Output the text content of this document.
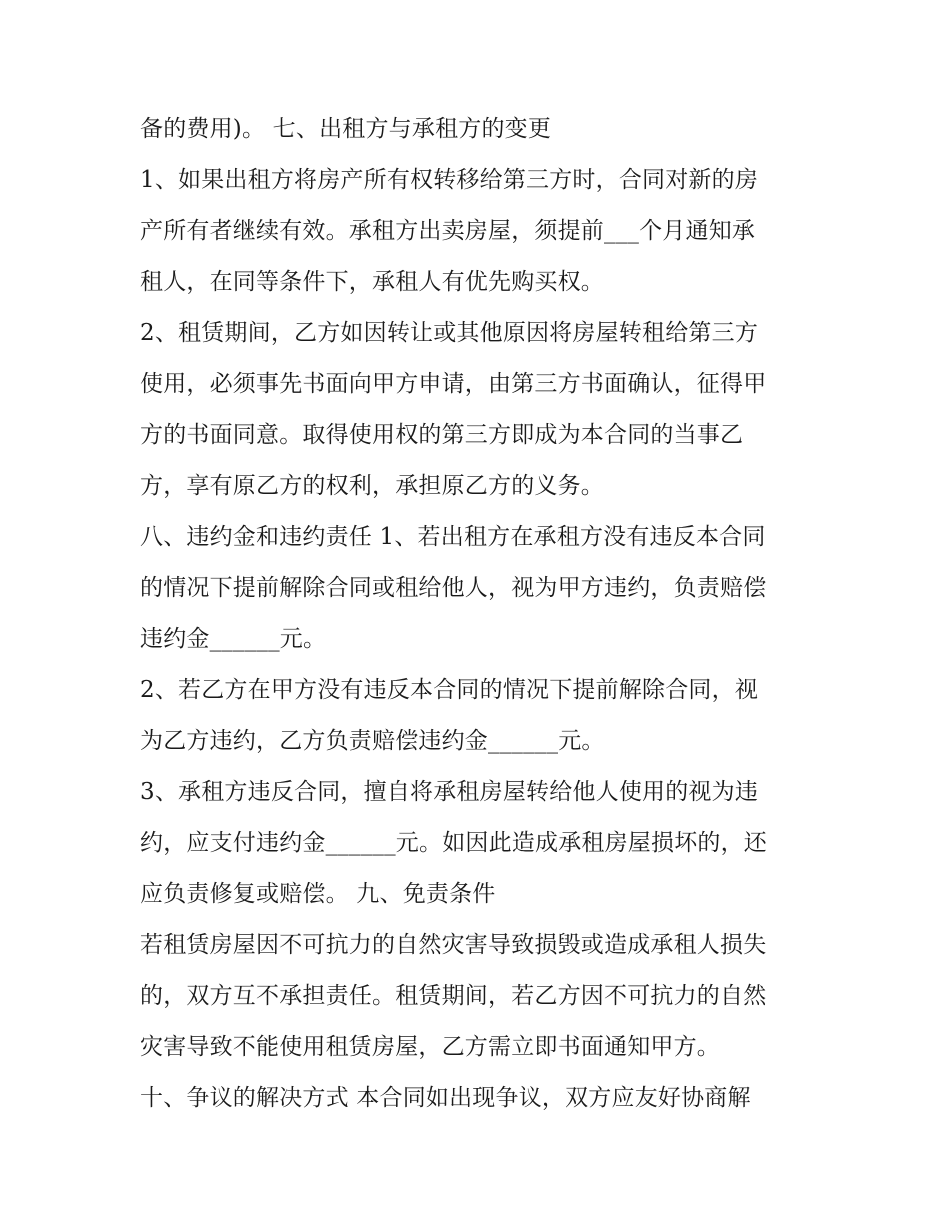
备的费用)。 七、出租方与承租方的变更
1、如果出租方将房产所有权转移给第三方时，合同对新的房
产所有者继续有效。承租方出卖房屋，须提前___个月通知承
租人，在同等条件下，承租人有优先购买权。
2、租赁期间，乙方如因转让或其他原因将房屋转租给第三方
使用，必须事先书面向甲方申请，由第三方书面确认，征得甲
方的书面同意。取得使用权的第三方即成为本合同的当事乙
方，享有原乙方的权利，承担原乙方的义务。
八、违约金和违约责任 1、若出租方在承租方没有违反本合同
的情况下提前解除合同或租给他人，视为甲方违约，负责赔偿
违约金______元。
2、若乙方在甲方没有违反本合同的情况下提前解除合同，视
为乙方违约，乙方负责赔偿违约金______元。
3、承租方违反合同，擅自将承租房屋转给他人使用的视为违
约，应支付违约金______元。如因此造成承租房屋损坏的，还
应负责修复或赔偿。 九、免责条件
若租赁房屋因不可抗力的自然灾害导致损毁或造成承租人损失
的，双方互不承担责任。租赁期间，若乙方因不可抗力的自然
灾害导致不能使用租赁房屋，乙方需立即书面通知甲方。
十、争议的解决方式 本合同如出现争议，双方应友好协商解
